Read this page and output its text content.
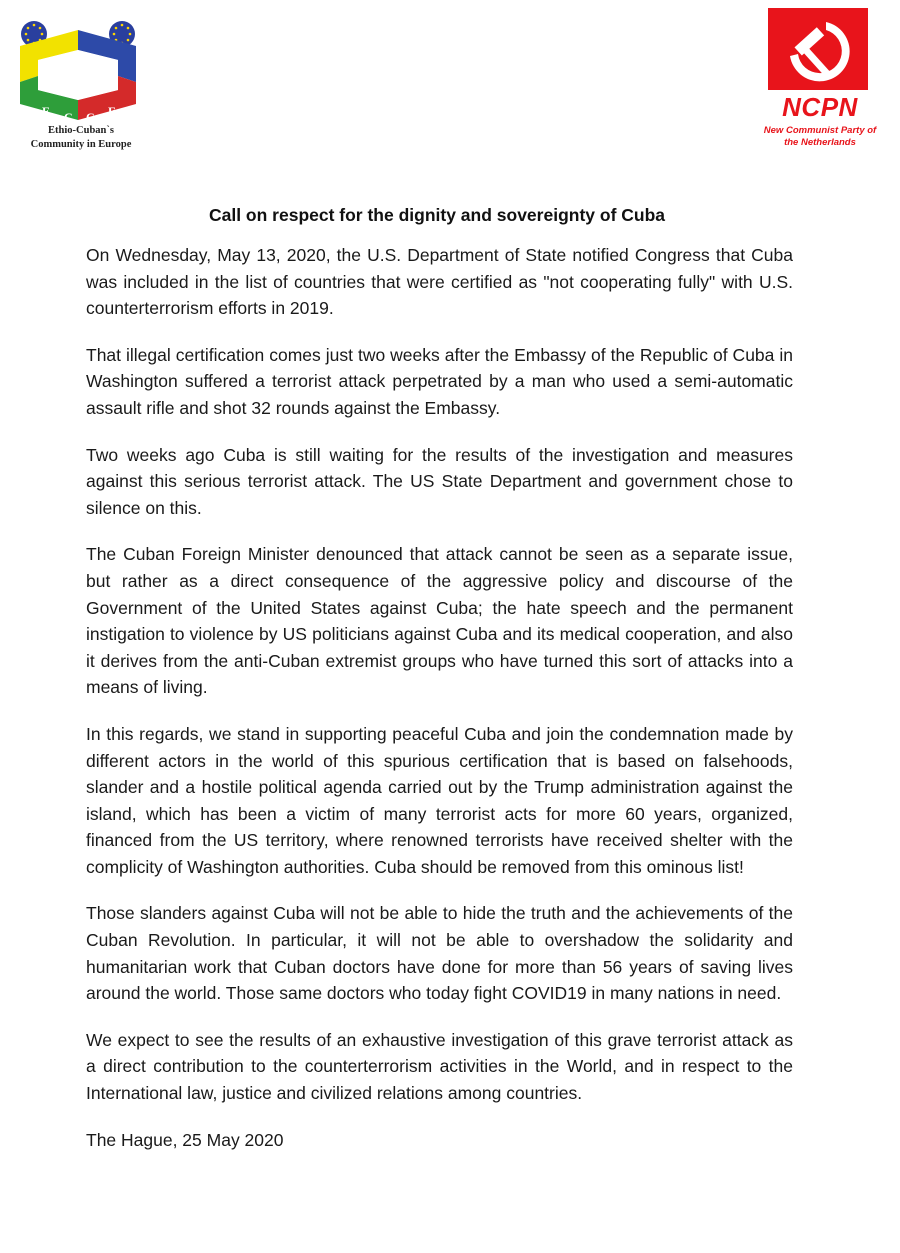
E C C E
Ethio-Cuban`s
Community in Europe
NCPN
New Communist Party of
the Netherlands
Call on respect for the dignity and sovereignty of Cuba

On Wednesday, May 13, 2020, the U.S. Department of State notified Congress that Cuba was included in the list of countries that were certified as "not cooperating fully" with U.S. counterterrorism efforts in 2019.

That illegal certification comes just two weeks after the Embassy of the Republic of Cuba in Washington suffered a terrorist attack perpetrated by a man who used a semi-automatic assault rifle and shot 32 rounds against the Embassy.

Two weeks ago Cuba is still waiting for the results of the investigation and measures against this serious terrorist attack. The US State Department and government chose to silence on this.

The Cuban Foreign Minister denounced that attack cannot be seen as a separate issue, but rather as a direct consequence of the aggressive policy and discourse of the Government of the United States against Cuba; the hate speech and the permanent instigation to violence by US politicians against Cuba and its medical cooperation, and also it derives from the anti-Cuban extremist groups who have turned this sort of attacks into a means of living.

In this regards, we stand in supporting peaceful Cuba and join the condemnation made by different actors in the world of this spurious certification that is based on falsehoods, slander and a hostile political agenda carried out by the Trump administration against the island, which has been a victim of many terrorist acts for more 60 years, organized, financed from the US territory, where renowned terrorists have received shelter with the complicity of Washington authorities. Cuba should be removed from this ominous list!

Those slanders against Cuba will not be able to hide the truth and the achievements of the Cuban Revolution. In particular, it will not be able to overshadow the solidarity and humanitarian work that Cuban doctors have done for more than 56 years of saving lives around the world. Those same doctors who today fight COVID19 in many nations in need.

We expect to see the results of an exhaustive investigation of this grave terrorist attack as a direct contribution to the counterterrorism activities in the World, and in respect to the International law, justice and civilized relations among countries.

The Hague, 25 May 2020
